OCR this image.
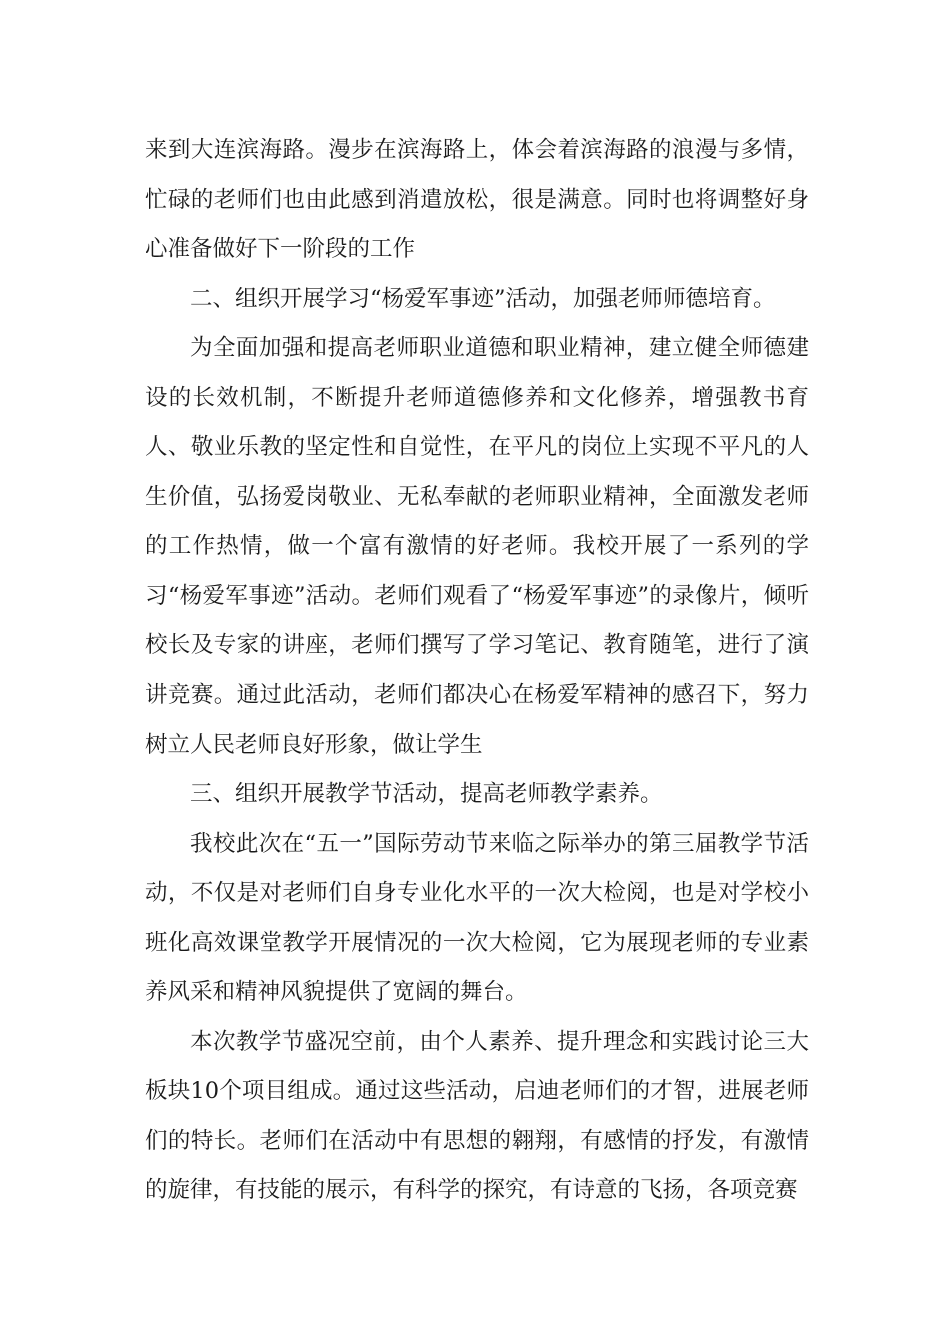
来到大连滨海路。漫步在滨海路上，体会着滨海路的浪漫与多情，忙碌的老师们也由此感到消遣放松，很是满意。同时也将调整好身心准备做好下一阶段的工作

二、组织开展学习“杨爱军事迹”活动，加强老师师德培育。

为全面加强和提高老师职业道德和职业精神，建立健全师德建设的长效机制，不断提升老师道德修养和文化修养，增强教书育人、敬业乐教的坚定性和自觉性，在平凡的岗位上实现不平凡的人生价值，弘扬爱岗敬业、无私奉献的老师职业精神，全面激发老师的工作热情，做一个富有激情的好老师。我校开展了一系列的学习“杨爱军事迹”活动。老师们观看了“杨爱军事迹”的录像片，倾听校长及专家的讲座，老师们撰写了学习笔记、教育随笔，进行了演讲竞赛。通过此活动，老师们都决心在杨爱军精神的感召下，努力树立人民老师良好形象，做让学生

三、组织开展教学节活动，提高老师教学素养。

我校此次在“五一”国际劳动节来临之际举办的第三届教学节活动，不仅是对老师们自身专业化水平的一次大检阅，也是对学校小班化高效课堂教学开展情况的一次大检阅，它为展现老师的专业素养风采和精神风貌提供了宽阔的舞台。

本次教学节盛况空前，由个人素养、提升理念和实践讨论三大板块10个项目组成。通过这些活动，启迪老师们的才智，进展老师们的特长。老师们在活动中有思想的翱翔，有感情的抒发，有激情的旋律，有技能的展示，有科学的探究，有诗意的飞扬，各项竞赛
